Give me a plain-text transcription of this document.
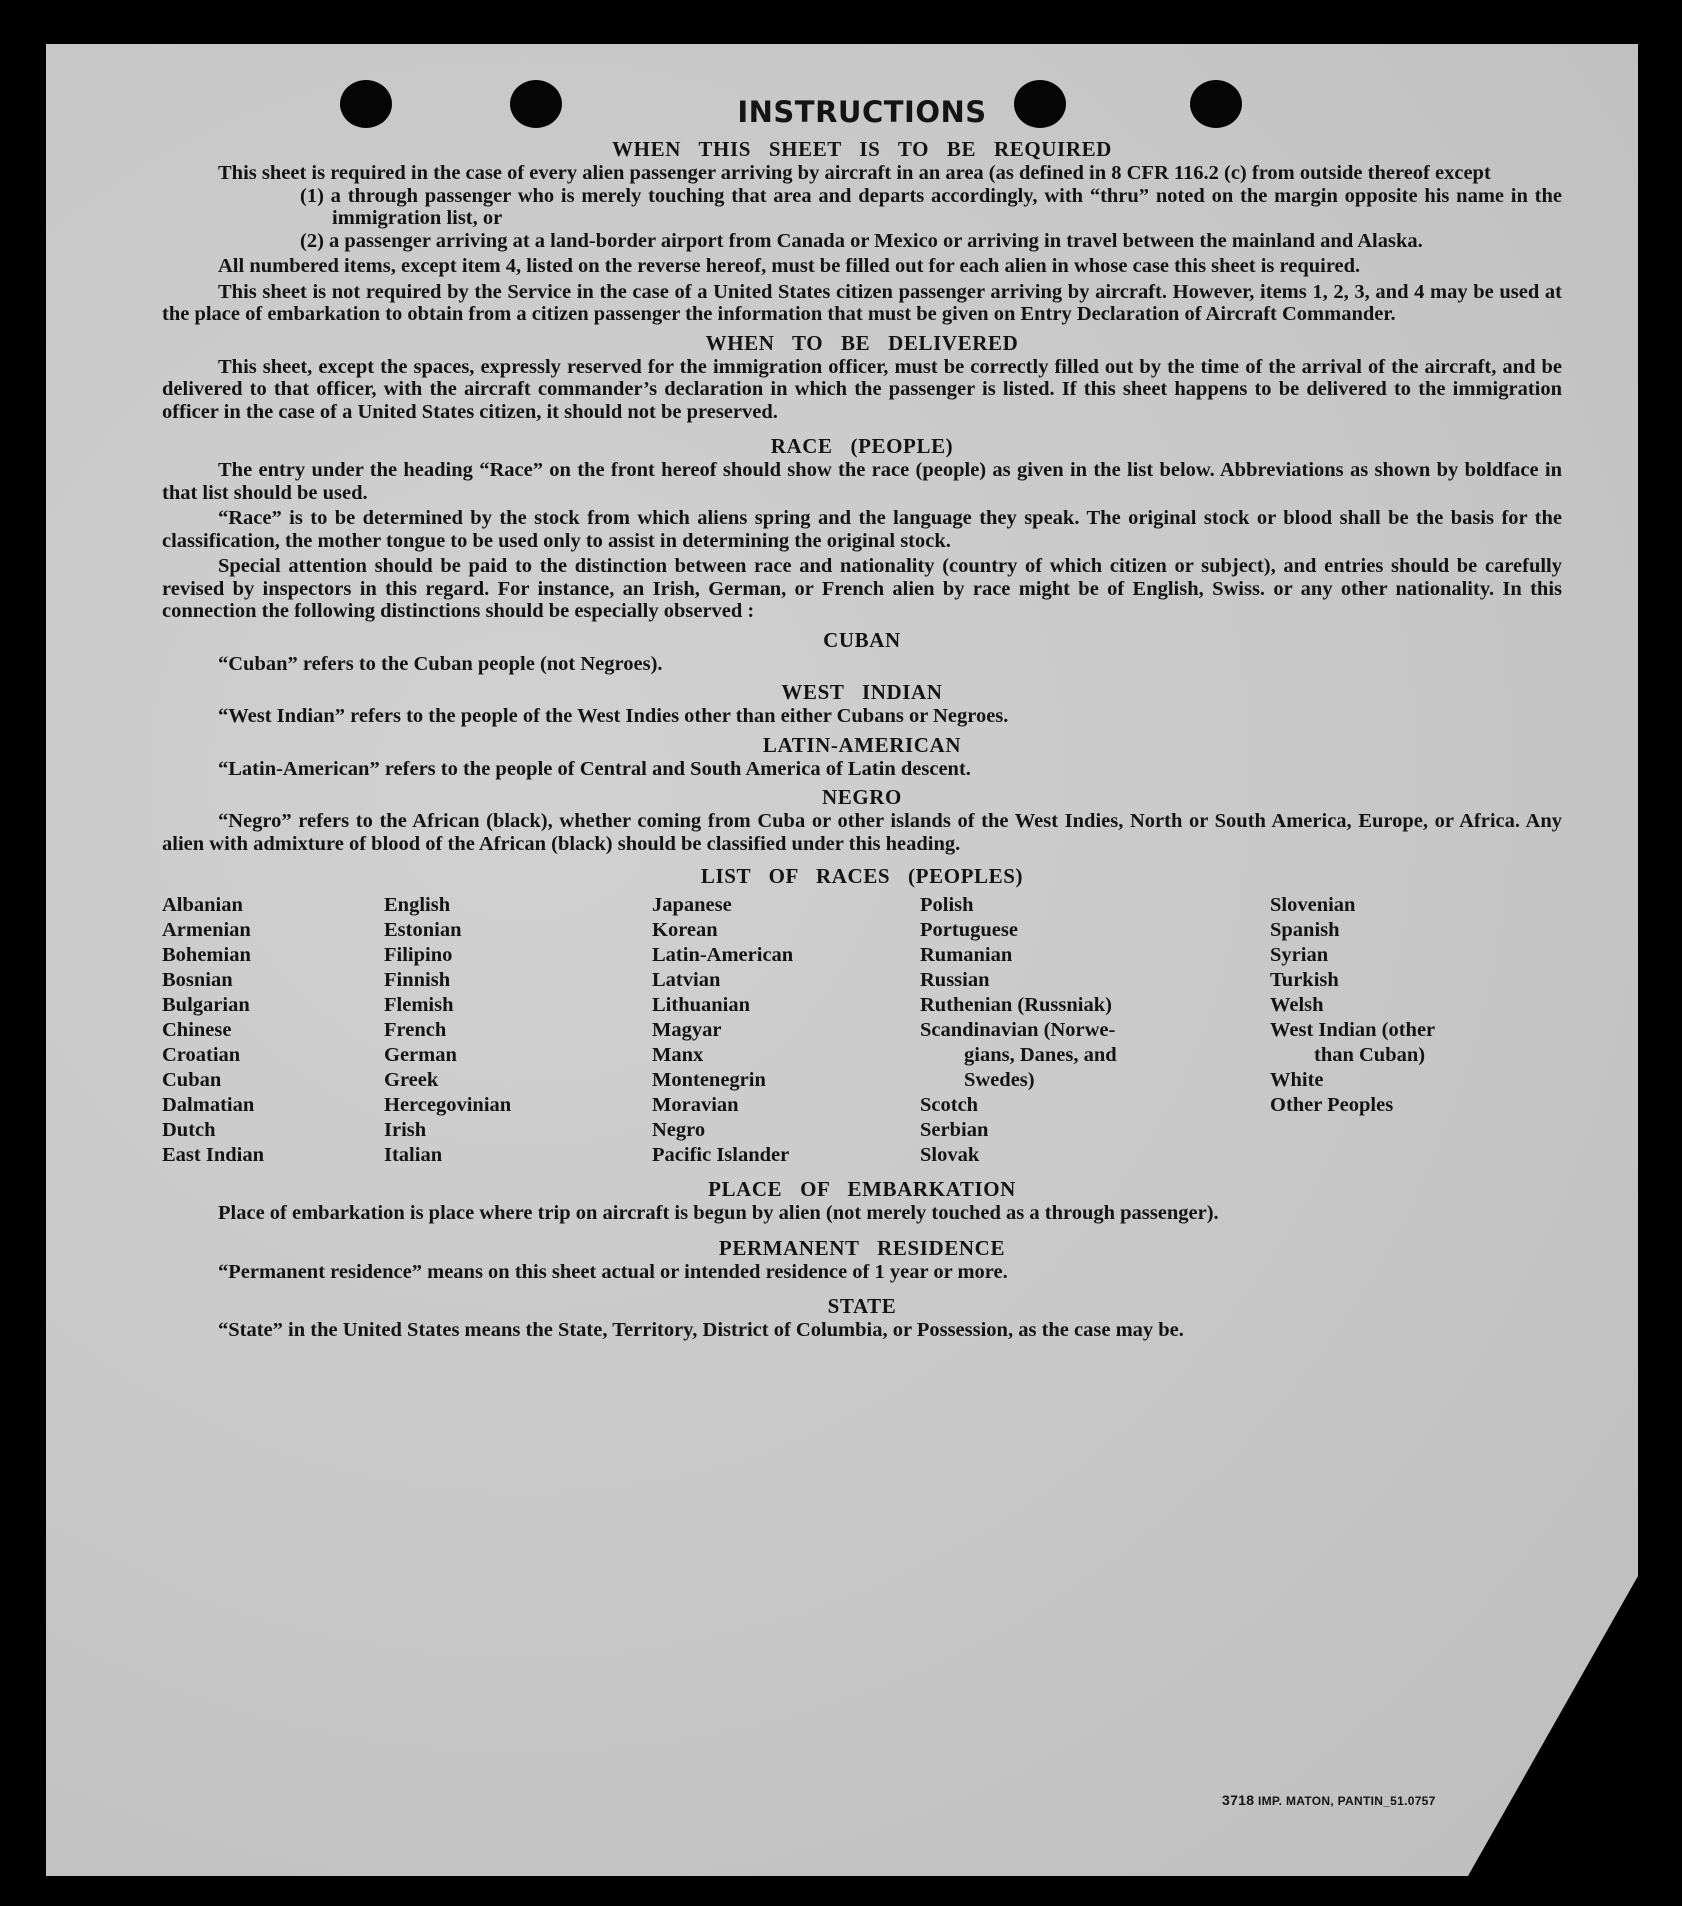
INSTRUCTIONS
WHEN THIS SHEET IS TO BE REQUIRED

This sheet is required in the case of every alien passenger arriving by aircraft in an area (as defined in 8 CFR 116.2 (c) from outside thereof except

(1) a through passenger who is merely touching that area and departs accordingly, with “thru” noted on the margin opposite his name in the immigration list, or

(2) a passenger arriving at a land-border airport from Canada or Mexico or arriving in travel between the mainland and Alaska.

All numbered items, except item 4, listed on the reverse hereof, must be filled out for each alien in whose case this sheet is required.

This sheet is not required by the Service in the case of a United States citizen passenger arriving by aircraft. However, items 1, 2, 3, and 4 may be used at the place of embarkation to obtain from a citizen passenger the information that must be given on Entry Declaration of Aircraft Commander.

WHEN TO BE DELIVERED

This sheet, except the spaces, expressly reserved for the immigration officer, must be correctly filled out by the time of the arrival of the aircraft, and be delivered to that officer, with the aircraft commander’s declaration in which the passenger is listed. If this sheet happens to be delivered to the immigration officer in the case of a United States citizen, it should not be preserved.

RACE (PEOPLE)

The entry under the heading “Race” on the front hereof should show the race (people) as given in the list below. Abbreviations as shown by boldface in that list should be used.

“Race” is to be determined by the stock from which aliens spring and the language they speak. The original stock or blood shall be the basis for the classification, the mother tongue to be used only to assist in determining the original stock.

Special attention should be paid to the distinction between race and nationality (country of which citizen or subject), and entries should be carefully revised by inspectors in this regard. For instance, an Irish, German, or French alien by race might be of English, Swiss. or any other nationality. In this connection the following distinctions should be especially observed :

CUBAN

“Cuban” refers to the Cuban people (not Negroes).

WEST INDIAN

“West Indian” refers to the people of the West Indies other than either Cubans or Negroes.

LATIN-AMERICAN

“Latin-American” refers to the people of Central and South America of Latin descent.

NEGRO

“Negro” refers to the African (black), whether coming from Cuba or other islands of the West Indies, North or South America, Europe, or Africa. Any alien with admixture of blood of the African (black) should be classified under this heading.

LIST OF RACES (PEOPLES)
Albanian
Armenian
Bohemian
Bosnian
Bulgarian
Chinese
Croatian
Cuban
Dalmatian
Dutch
East Indian
English
Estonian
Filipino
Finnish
Flemish
French
German
Greek
Hercegovinian
Irish
Italian
Japanese
Korean
Latin-American
Latvian
Lithuanian
Magyar
Manx
Montenegrin
Moravian
Negro
Pacific Islander
Polish
Portuguese
Rumanian
Russian
Ruthenian (Russniak)
Scandinavian (Norwe-
gians, Danes, and
Swedes)
Scotch
Serbian
Slovak
Slovenian
Spanish
Syrian
Turkish
Welsh
West Indian (other
than Cuban)
White
Other Peoples
PLACE OF EMBARKATION

Place of embarkation is place where trip on aircraft is begun by alien (not merely touched as a through passenger).

PERMANENT RESIDENCE

“Permanent residence” means on this sheet actual or intended residence of 1 year or more.

STATE

“State” in the United States means the State, Territory, District of Columbia, or Possession, as the case may be.

3718 IMP. MATON, PANTIN_51.0757
